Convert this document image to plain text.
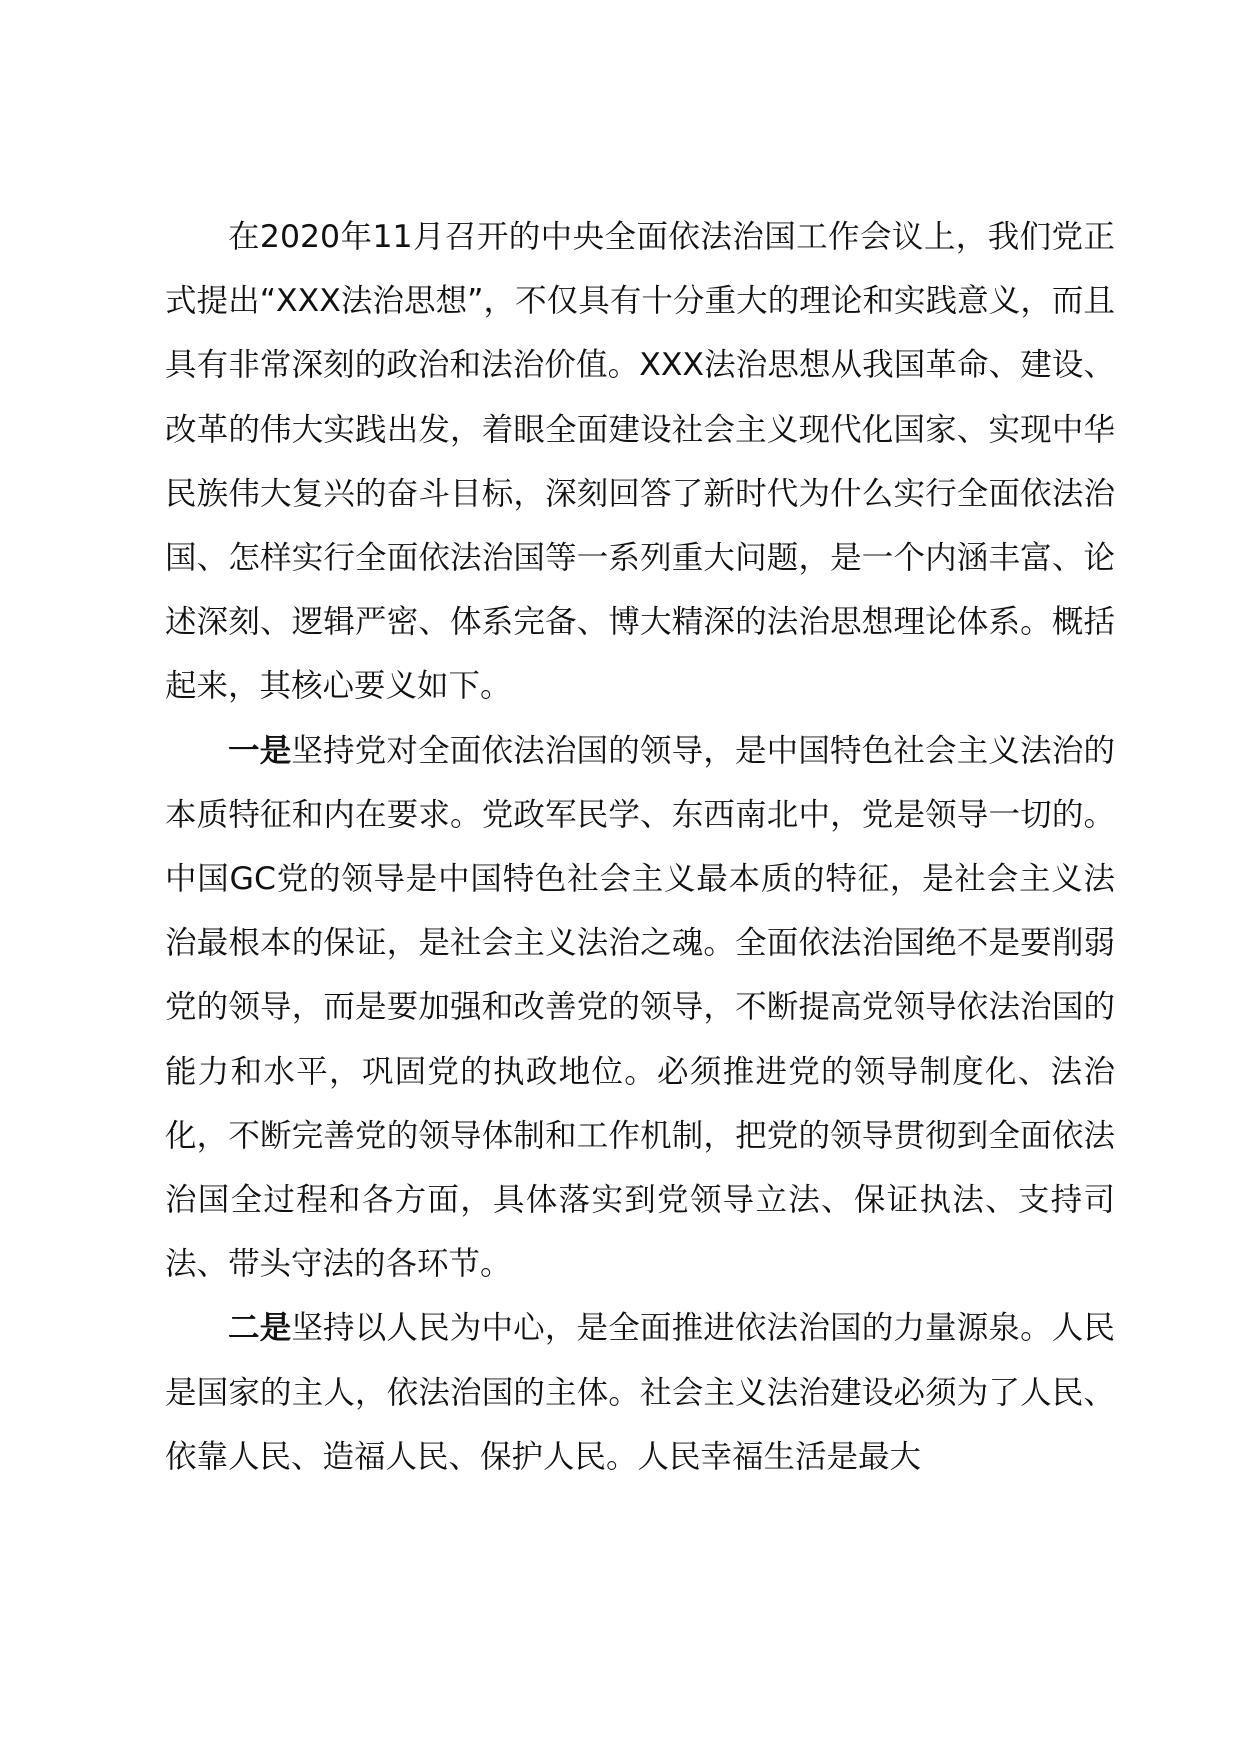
在2020年11月召开的中央全面依法治国工作会议上，我们党正式提出“XXX法治思想”，不仅具有十分重大的理论和实践意义，而且具有非常深刻的政治和法治价值。XXX法治思想从我国革命、建设、改革的伟大实践出发，着眼全面建设社会主义现代化国家、实现中华民族伟大复兴的奋斗目标，深刻回答了新时代为什么实行全面依法治国、怎样实行全面依法治国等一系列重大问题，是一个内涵丰富、论述深刻、逻辑严密、体系完备、博大精深的法治思想理论体系。概括起来，其核心要义如下。

一是坚持党对全面依法治国的领导，是中国特色社会主义法治的本质特征和内在要求。党政军民学、东西南北中，党是领导一切的。中国GC党的领导是中国特色社会主义最本质的特征，是社会主义法治最根本的保证，是社会主义法治之魂。全面依法治国绝不是要削弱党的领导，而是要加强和改善党的领导，不断提高党领导依法治国的能力和水平，巩固党的执政地位。必须推进党的领导制度化、法治化，不断完善党的领导体制和工作机制，把党的领导贯彻到全面依法治国全过程和各方面，具体落实到党领导立法、保证执法、支持司法、带头守法的各环节。

二是坚持以人民为中心，是全面推进依法治国的力量源泉。人民是国家的主人，依法治国的主体。社会主义法治建设必须为了人民、依靠人民、造福人民、保护人民。人民幸福生活是最大
